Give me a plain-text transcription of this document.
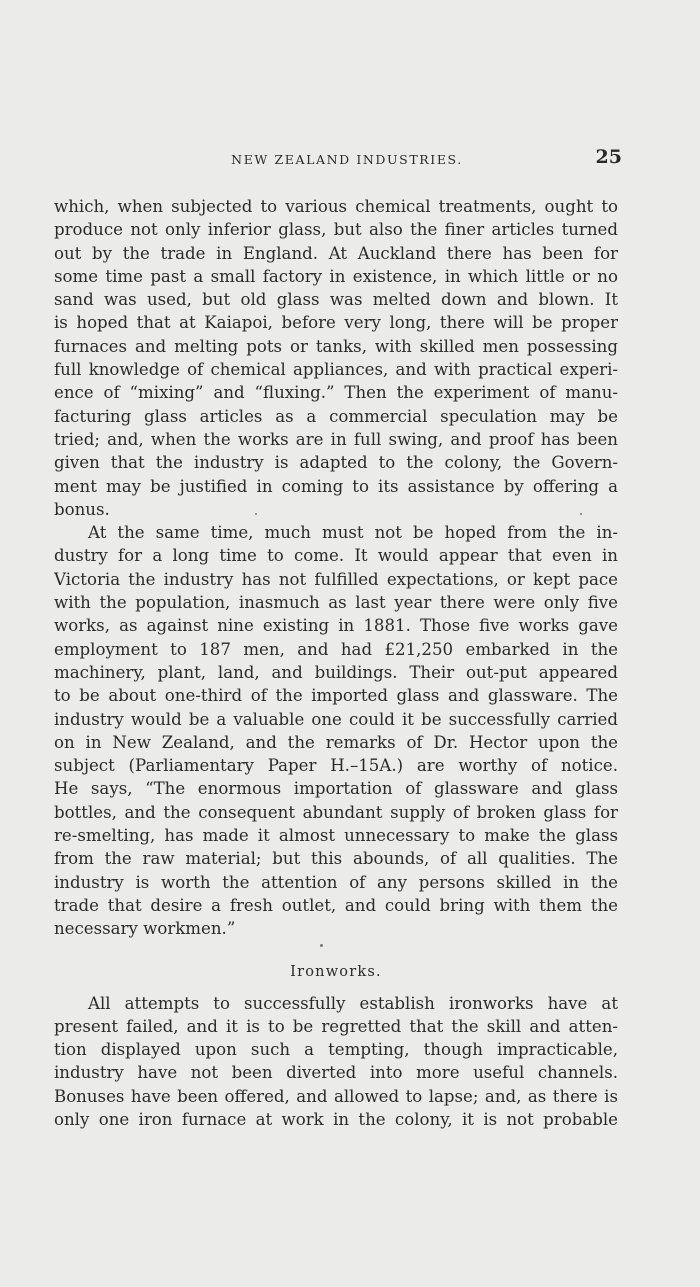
NEW ZEALAND INDUSTRIES.	25
which, when subjected to various chemical treatments, ought to
produce not only inferior glass, but also the finer articles turned
out by the trade in England. At Auckland there has been for
some time past a small factory in existence, in which little or no
sand was used, but old glass was melted down and blown. It
is hoped that at Kaiapoi, before very long, there will be proper
furnaces and melting pots or tanks, with skilled men possessing
full knowledge of chemical appliances, and with practical experi-
ence of “mixing” and “fluxing.” Then the experiment of manu-
facturing glass articles as a commercial speculation may be
tried; and, when the works are in full swing, and proof has been
given that the industry is adapted to the colony, the Govern-
ment may be justified in coming to its assistance by offering a
bonus.
At the same time, much must not be hoped from the in-
dustry for a long time to come. It would appear that even in
Victoria the industry has not fulfilled expectations, or kept pace
with the population, inasmuch as last year there were only five
works, as against nine existing in 1881. Those five works gave
employment to 187 men, and had £21,250 embarked in the
machinery, plant, land, and buildings. Their out-put appeared
to be about one-third of the imported glass and glassware. The
industry would be a valuable one could it be successfully carried
on in New Zealand, and the remarks of Dr. Hector upon the
subject (Parliamentary Paper H.–15A.) are worthy of notice.
He says, “The enormous importation of glassware and glass
bottles, and the consequent abundant supply of broken glass for
re-smelting, has made it almost unnecessary to make the glass
from the raw material; but this abounds, of all qualities. The
industry is worth the attention of any persons skilled in the
trade that desire a fresh outlet, and could bring with them the
necessary workmen.”
Ironworks.
All attempts to successfully establish ironworks have at
present failed, and it is to be regretted that the skill and atten-
tion displayed upon such a tempting, though impracticable,
industry have not been diverted into more useful channels.
Bonuses have been offered, and allowed to lapse; and, as there is
only one iron furnace at work in the colony, it is not probable
